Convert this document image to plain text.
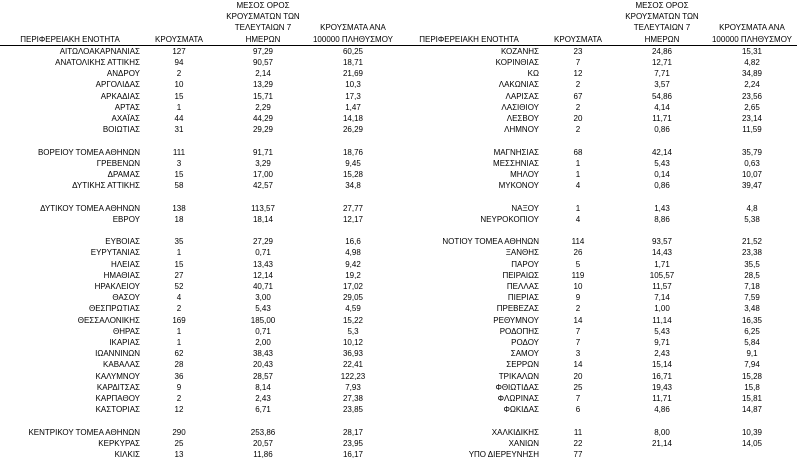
ΠΕΡΙΦΕΡΕΙΑΚΗ ΕΝΟΤΗΤΑ	ΚΡΟΥΣΜΑΤΑ	ΜΕΣΟΣ ΟΡΟΣ ΚΡΟΥΣΜΑΤΩΝ ΤΩΝ ΤΕΛΕΥΤΑΙΩΝ 7 ΗΜΕΡΩΝ	ΚΡΟΥΣΜΑΤΑ ΑΝΑ 100000 ΠΛΗΘΥΣΜΟΥ		ΠΕΡΙΦΕΡΕΙΑΚΗ ΕΝΟΤΗΤΑ	ΚΡΟΥΣΜΑΤΑ	ΜΕΣΟΣ ΟΡΟΣ ΚΡΟΥΣΜΑΤΩΝ ΤΩΝ ΤΕΛΕΥΤΑΙΩΝ 7 ΗΜΕΡΩΝ	ΚΡΟΥΣΜΑΤΑ ΑΝΑ 100000 ΠΛΗΘΥΣΜΟΥ

ΑΙΤΩΛΟΑΚΑΡΝΑΝΙΑΣ	127	97,29	60,25		ΚΟΖΑΝΗΣ	23	24,86	15,31
ΑΝΑΤΟΛΙΚΗΣ ΑΤΤΙΚΗΣ	94	90,57	18,71		ΚΟΡΙΝΘΙΑΣ	7	12,71	4,82
ΑΝΔΡΟΥ	2	2,14	21,69		ΚΩ	12	7,71	34,89
ΑΡΓΟΛΙΔΑΣ	10	13,29	10,3		ΛΑΚΩΝΙΑΣ	2	3,57	2,24
ΑΡΚΑΔΙΑΣ	15	15,71	17,3		ΛΑΡΙΣΑΣ	67	54,86	23,56
ΑΡΤΑΣ	1	2,29	1,47		ΛΑΣΙΘΙΟΥ	2	4,14	2,65
ΑΧΑΪΑΣ	44	44,29	14,18		ΛΕΣΒΟΥ	20	11,71	23,14
ΒΟΙΩΤΙΑΣ	31	29,29	26,29		ΛΗΜΝΟΥ	2	0,86	11,59

ΒΟΡΕΙΟΥ ΤΟΜΕΑ ΑΘΗΝΩΝ	111	91,71	18,76		ΜΑΓΝΗΣΙΑΣ	68	42,14	35,79
ΓΡΕΒΕΝΩΝ	3	3,29	9,45		ΜΕΣΣΗΝΙΑΣ	1	5,43	0,63
ΔΡΑΜΑΣ	15	17,00	15,28		ΜΗΛΟΥ	1	0,14	10,07
ΔΥΤΙΚΗΣ ΑΤΤΙΚΗΣ	58	42,57	34,8		ΜΥΚΟΝΟΥ	4	0,86	39,47

ΔΥΤΙΚΟΥ ΤΟΜΕΑ ΑΘΗΝΩΝ	138	113,57	27,77		ΝΑΞΟΥ	1	1,43	4,8
ΕΒΡΟΥ	18	18,14	12,17		ΝΕΥΡΟΚΟΠΙΟΥ	4	8,86	5,38

ΕΥΒΟΙΑΣ	35	27,29	16,6		ΝΟΤΙΟΥ ΤΟΜΕΑ ΑΘΗΝΩΝ	114	93,57	21,52
ΕΥΡΥΤΑΝΙΑΣ	1	0,71	4,98		ΞΑΝΘΗΣ	26	14,43	23,38
ΗΛΕΙΑΣ	15	13,43	9,42		ΠΑΡΟΥ	5	1,71	35,5
ΗΜΑΘΙΑΣ	27	12,14	19,2		ΠΕΙΡΑΙΩΣ	119	105,57	28,5
ΗΡΑΚΛΕΙΟΥ	52	40,71	17,02		ΠΕΛΛΑΣ	10	11,57	7,18
ΘΑΣΟΥ	4	3,00	29,05		ΠΙΕΡΙΑΣ	9	7,14	7,59
ΘΕΣΠΡΩΤΙΑΣ	2	5,43	4,59		ΠΡΕΒΕΖΑΣ	2	1,00	3,48
ΘΕΣΣΑΛΟΝΙΚΗΣ	169	185,00	15,22		ΡΕΘΥΜΝΟΥ	14	11,14	16,35
ΘΗΡΑΣ	1	0,71	5,3		ΡΟΔΟΠΗΣ	7	5,43	6,25
ΙΚΑΡΙΑΣ	1	2,00	10,12		ΡΟΔΟΥ	7	9,71	5,84
ΙΩΑΝΝΙΝΩΝ	62	38,43	36,93		ΣΑΜΟΥ	3	2,43	9,1
ΚΑΒΑΛΑΣ	28	20,43	22,41		ΣΕΡΡΩΝ	14	15,14	7,94
ΚΑΛΥΜΝΟΥ	36	28,57	122,23		ΤΡΙΚΑΛΩΝ	20	16,71	15,28
ΚΑΡΔΙΤΣΑΣ	9	8,14	7,93		ΦΘΙΩΤΙΔΑΣ	25	19,43	15,8
ΚΑΡΠΑΘΟΥ	2	2,43	27,38		ΦΛΩΡΙΝΑΣ	7	11,71	15,81
ΚΑΣΤΟΡΙΑΣ	12	6,71	23,85		ΦΩΚΙΔΑΣ	6	4,86	14,87

ΚΕΝΤΡΙΚΟΥ ΤΟΜΕΑ ΑΘΗΝΩΝ	290	253,86	28,17		ΧΑΛΚΙΔΙΚΗΣ	11	8,00	10,39
ΚΕΡΚΥΡΑΣ	25	20,57	23,95		ΧΑΝΙΩΝ	22	21,14	14,05
ΚΙΛΚΙΣ	13	11,86	16,17		ΥΠΟ ΔΙΕΡΕΥΝΗΣΗ	77		
